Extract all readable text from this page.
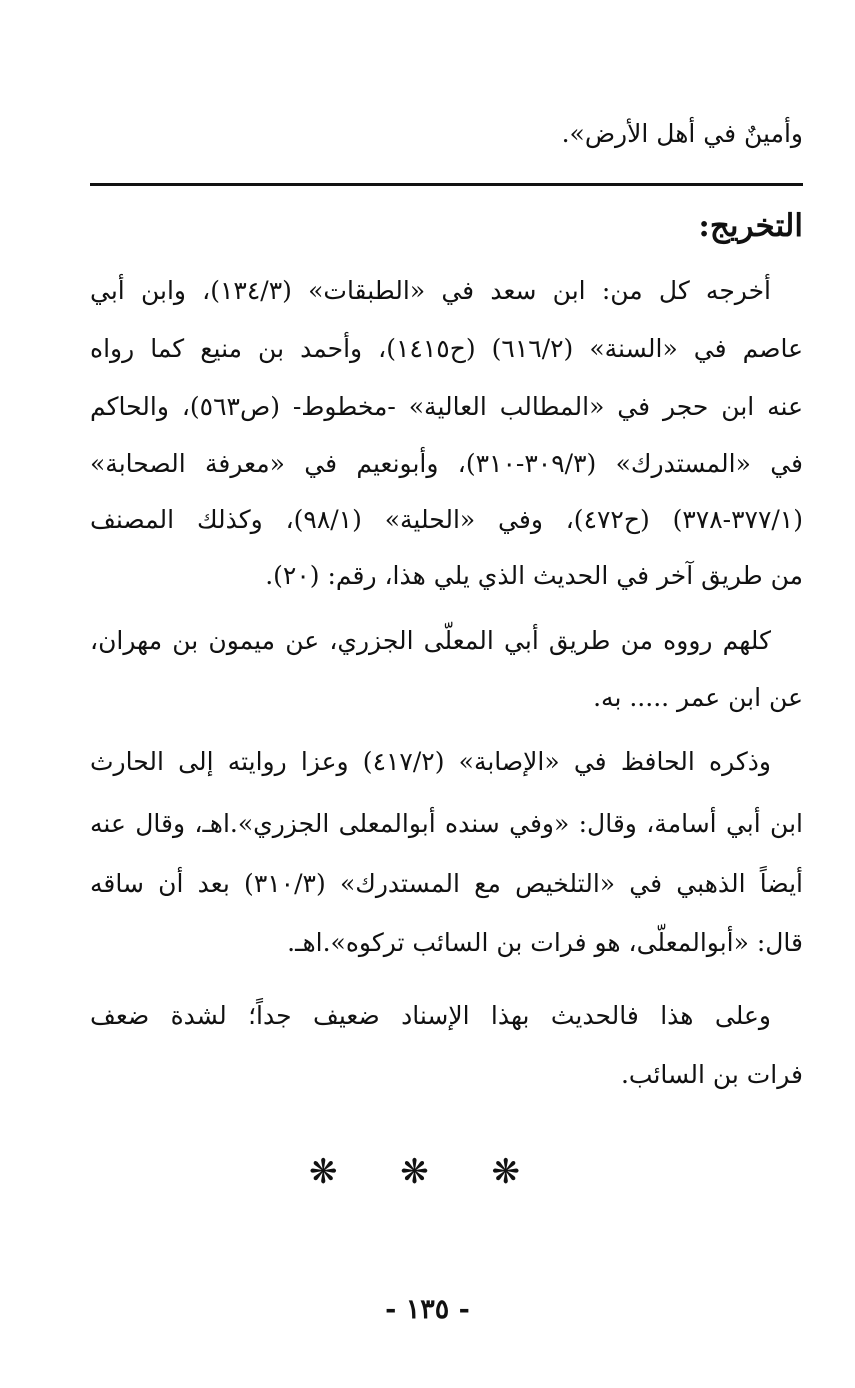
وأمينٌ في أهل الأرض».
التخريج:
أخرجه كل من: ابن سعد في «الطبقات» (١٣٤/٣)، وابن أبي
عاصم في «السنة» (٦١٦/٢) (ح١٤١٥)، وأحمد بن منيع كما رواه
عنه ابن حجر في «المطالب العالية» -مخطوط- (ص٥٦٣)، والحاكم
في «المستدرك» (٣٠٩/٣-٣١٠)، وأبونعيم في «معرفة الصحابة»
(٣٧٧/١-٣٧٨) (ح٤٧٢)، وفي «الحلية» (٩٨/١)، وكذلك المصنف
من طريق آخر في الحديث الذي يلي هذا، رقم: (٢٠).
كلهم رووه من طريق أبي المعلّى الجزري، عن ميمون بن مهران،
عن ابن عمر ..... به.
وذكره الحافظ في «الإصابة» (٤١٧/٢) وعزا روايته إلى الحارث
ابن أبي أسامة، وقال: «وفي سنده أبوالمعلى الجزري».اهـ، وقال عنه
أيضاً الذهبي في «التلخيص مع المستدرك» (٣١٠/٣) بعد أن ساقه
قال: «أبوالمعلّى، هو فرات بن السائب تركوه».اهـ.
وعلى هذا فالحديث بهذا الإسناد ضعيف جداً؛ لشدة ضعف
فرات بن السائب.
❋ ❋ ❋
- ١٣٥ -
